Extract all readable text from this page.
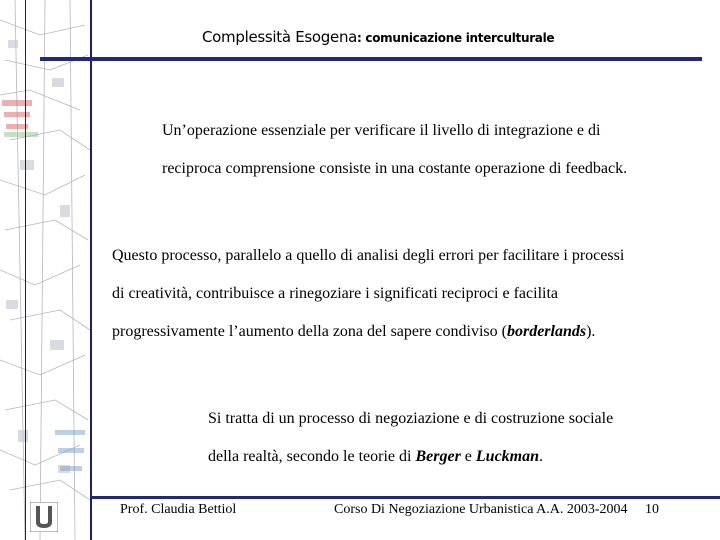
Complessità Esogena: comunicazione interculturale
Un’operazione essenziale per verificare il livello di integrazione e di
reciproca comprensione consiste in una costante operazione di feedback.
Questo processo, parallelo a quello di analisi degli errori per facilitare i processi
di creatività, contribuisce a rinegoziare i significati reciproci e facilita
progressivamente l’aumento della zona del sapere condiviso (borderlands).
Si tratta di un processo di negoziazione e di costruzione sociale
della realtà, secondo le teorie di Berger e Luckman.
Prof. Claudia Bettiol	Corso Di Negoziazione Urbanistica A.A. 2003-2004 10
